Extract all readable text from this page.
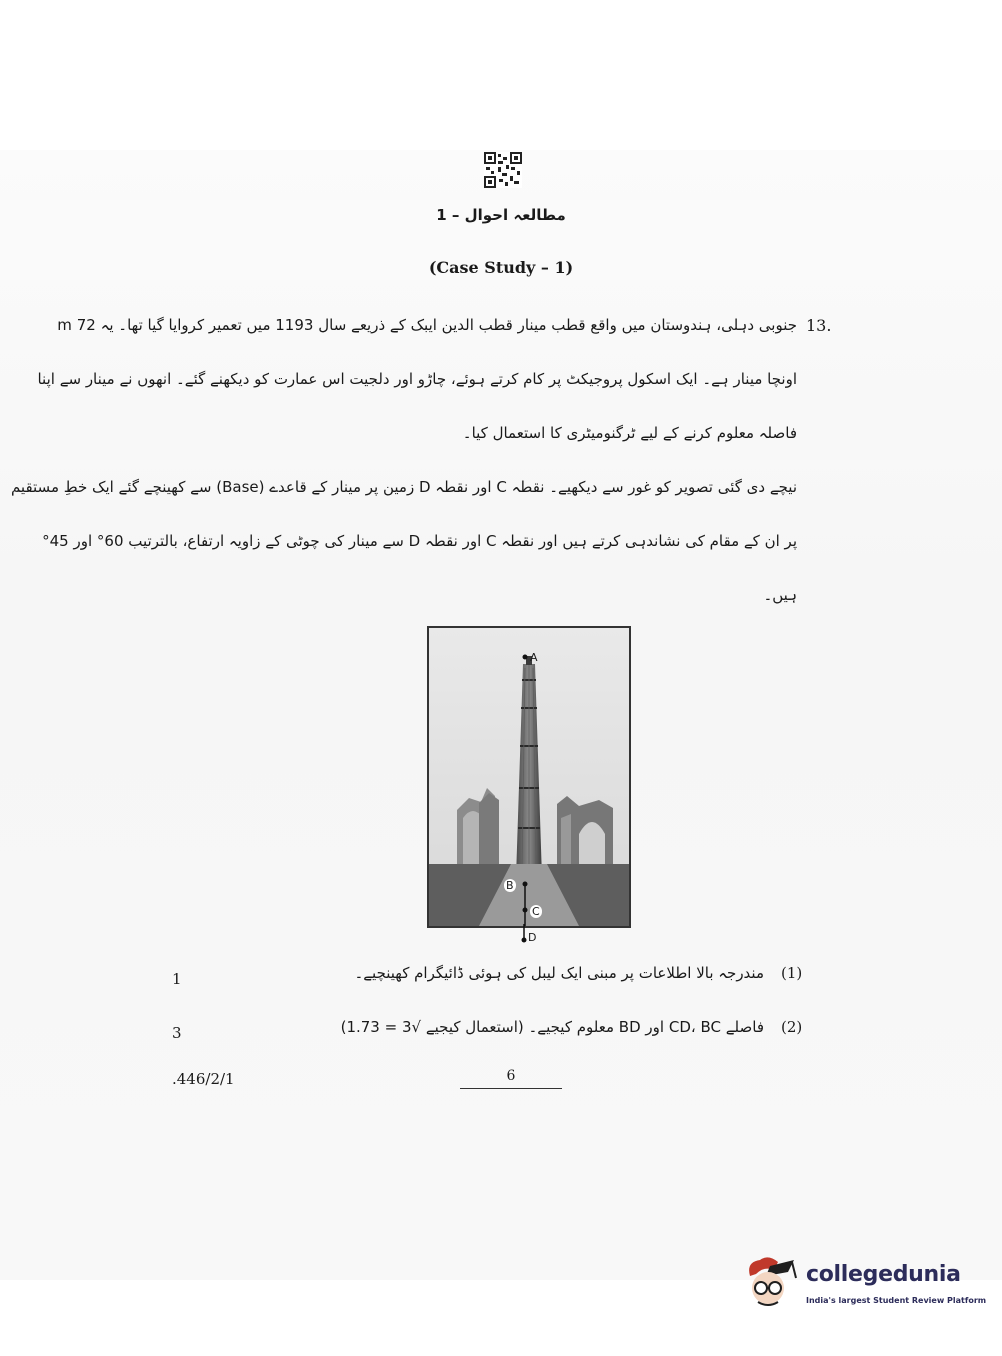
مطالعہ احوال – 1
(Case Study – 1)
13.
جنوبی دہلی، ہندوستان میں واقع قطب مینار قطب الدین ایبک کے ذریعے سال 1193 میں تعمیر کروایا گیا تھا۔ یہ 72 m
اونچا مینار ہے۔ ایک اسکول پروجیکٹ پر کام کرتے ہوئے، چاڑو اور دلجیت اس عمارت کو دیکھنے گئے۔ انھوں نے مینار سے اپنا
فاصلہ معلوم کرنے کے لیے ٹرگنومیٹری کا استعمال کیا۔
نیچے دی گئی تصویر کو غور سے دیکھیے۔ نقطہ C اور نقطہ D زمین پر مینار کے قاعدے (Base) سے کھینچے گئے ایک خطِ مستقیم
پر ان کے مقام کی نشاندہی کرتے ہیں اور نقطہ C اور نقطہ D سے مینار کی چوٹی کے زاویہ ارتفاع، بالترتیب 60° اور 45°
ہیں۔
A
B
C
D
(1)
مندرجہ بالا اطلاعات پر مبنی ایک لیبل کی ہوئی ڈائیگرام کھینچیے۔
1
(2)
فاصلے CD، BC اور BD معلوم کیجیے۔ (استعمال کیجیے √3 = 1.73)
3
.446/2/1	6
collegedunia
India's largest Student Review Platform
